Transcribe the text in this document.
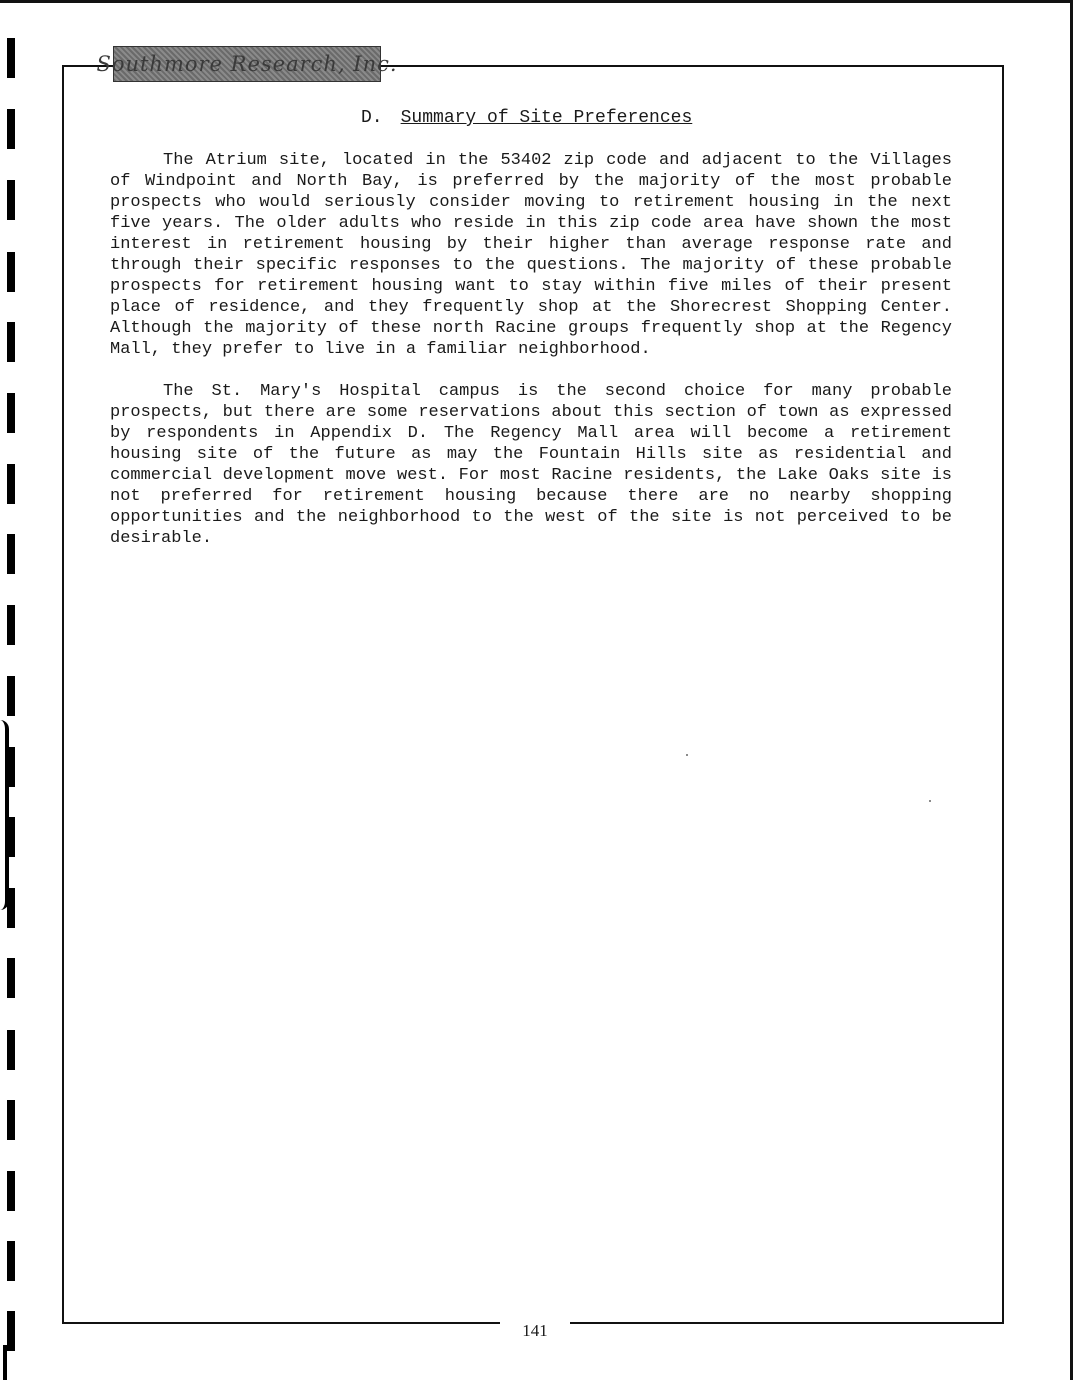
Southmore Research, Inc.
D. Summary of Site Preferences

The Atrium site, located in the 53402 zip code and adjacent to the Villages of Windpoint and North Bay, is preferred by the majority of the most probable prospects who would seriously consider moving to retirement housing in the next five years. The older adults who reside in this zip code area have shown the most interest in retirement housing by their higher than average response rate and through their specific responses to the questions. The majority of these probable prospects for retirement housing want to stay within five miles of their present place of residence, and they frequently shop at the Shorecrest Shopping Center. Although the majority of these north Racine groups frequently shop at the Regency Mall, they prefer to live in a familiar neighborhood.

The St. Mary's Hospital campus is the second choice for many probable prospects, but there are some reservations about this section of town as expressed by respondents in Appendix D. The Regency Mall area will become a retirement housing site of the future as may the Fountain Hills site as residential and commercial development move west. For most Racine residents, the Lake Oaks site is not preferred for retirement housing because there are no nearby shopping opportunities and the neighborhood to the west of the site is not perceived to be desirable.

141
